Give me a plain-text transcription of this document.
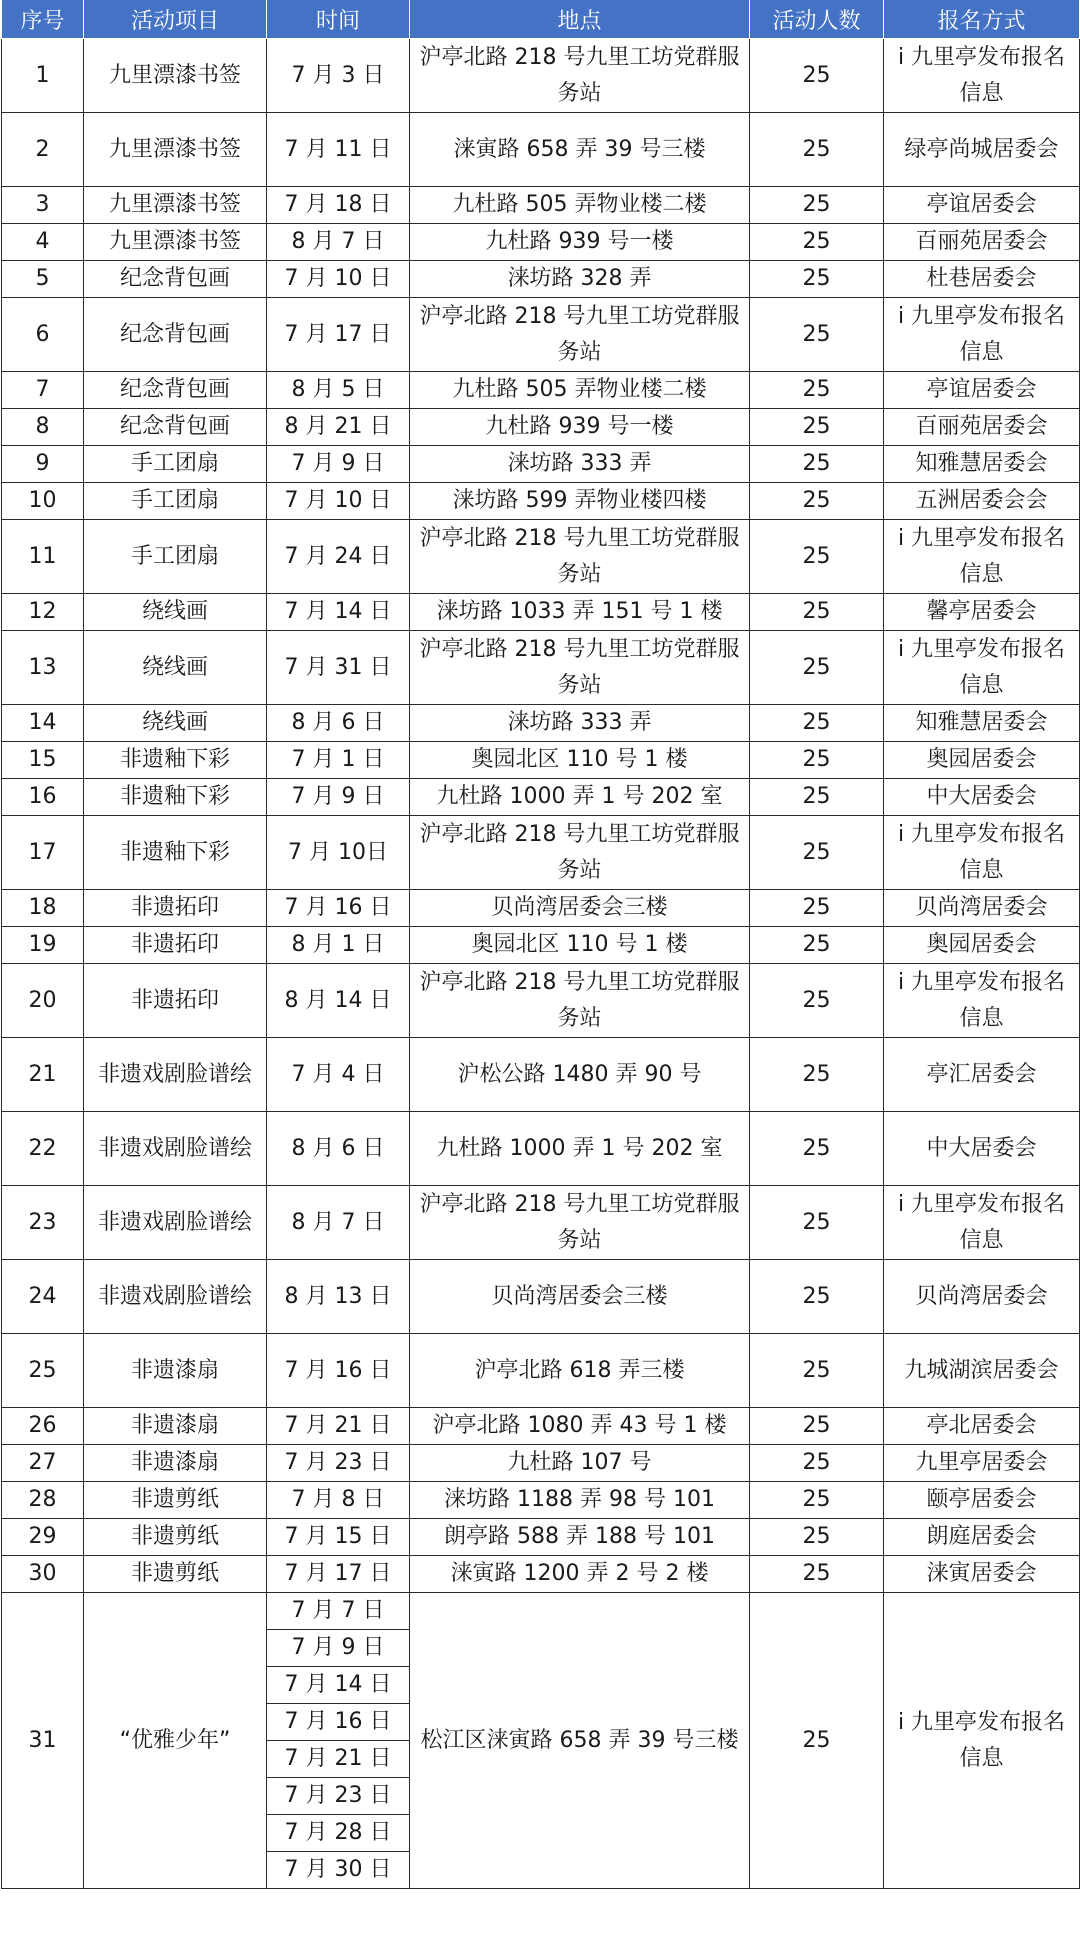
序号	活动项目	时间	地点	活动人数	报名方式
1	九里漂漆书签	7 月 3 日	沪亭北路 218 号九里工坊党群服务站	25	i 九里亭发布报名信息
2	九里漂漆书签	7 月 11 日	涞寅路 658 弄 39 号三楼	25	绿亭尚城居委会
3	九里漂漆书签	7 月 18 日	九杜路 505 弄物业楼二楼	25	亭谊居委会
4	九里漂漆书签	8 月 7 日	九杜路 939 号一楼	25	百丽苑居委会
5	纪念背包画	7 月 10 日	涞坊路 328 弄	25	杜巷居委会
6	纪念背包画	7 月 17 日	沪亭北路 218 号九里工坊党群服务站	25	i 九里亭发布报名信息
7	纪念背包画	8 月 5 日	九杜路 505 弄物业楼二楼	25	亭谊居委会
8	纪念背包画	8 月 21 日	九杜路 939 号一楼	25	百丽苑居委会
9	手工团扇	7 月 9 日	涞坊路 333 弄	25	知雅慧居委会
10	手工团扇	7 月 10 日	涞坊路 599 弄物业楼四楼	25	五洲居委会会
11	手工团扇	7 月 24 日	沪亭北路 218 号九里工坊党群服务站	25	i 九里亭发布报名信息
12	绕线画	7 月 14 日	涞坊路 1033 弄 151 号 1 楼	25	馨亭居委会
13	绕线画	7 月 31 日	沪亭北路 218 号九里工坊党群服务站	25	i 九里亭发布报名信息
14	绕线画	8 月 6 日	涞坊路 333 弄	25	知雅慧居委会
15	非遗釉下彩	7 月 1 日	奥园北区 110 号 1 楼	25	奥园居委会
16	非遗釉下彩	7 月 9 日	九杜路 1000 弄 1 号 202 室	25	中大居委会
17	非遗釉下彩	7 月 10日	沪亭北路 218 号九里工坊党群服务站	25	i 九里亭发布报名信息
18	非遗拓印	7 月 16 日	贝尚湾居委会三楼	25	贝尚湾居委会
19	非遗拓印	8 月 1 日	奥园北区 110 号 1 楼	25	奥园居委会
20	非遗拓印	8 月 14 日	沪亭北路 218 号九里工坊党群服务站	25	i 九里亭发布报名信息
21	非遗戏剧脸谱绘	7 月 4 日	沪松公路 1480 弄 90 号	25	亭汇居委会
22	非遗戏剧脸谱绘	8 月 6 日	九杜路 1000 弄 1 号 202 室	25	中大居委会
23	非遗戏剧脸谱绘	8 月 7 日	沪亭北路 218 号九里工坊党群服务站	25	i 九里亭发布报名信息
24	非遗戏剧脸谱绘	8 月 13 日	贝尚湾居委会三楼	25	贝尚湾居委会
25	非遗漆扇	7 月 16 日	沪亭北路 618 弄三楼	25	九城湖滨居委会
26	非遗漆扇	7 月 21 日	沪亭北路 1080 弄 43 号 1 楼	25	亭北居委会
27	非遗漆扇	7 月 23 日	九杜路 107 号	25	九里亭居委会
28	非遗剪纸	7 月 8 日	涞坊路 1188 弄 98 号 101	25	颐亭居委会
29	非遗剪纸	7 月 15 日	朗亭路 588 弄 188 号 101	25	朗庭居委会
30	非遗剪纸	7 月 17 日	涞寅路 1200 弄 2 号 2 楼	25	涞寅居委会
31	“优雅少年”	7 月 7 日	松江区涞寅路 658 弄 39 号三楼	25	i 九里亭发布报名信息
		7 月 9 日			
		7 月 14 日			
		7 月 16 日			
		7 月 21 日			
		7 月 23 日			
		7 月 28 日			
		7 月 30 日			
